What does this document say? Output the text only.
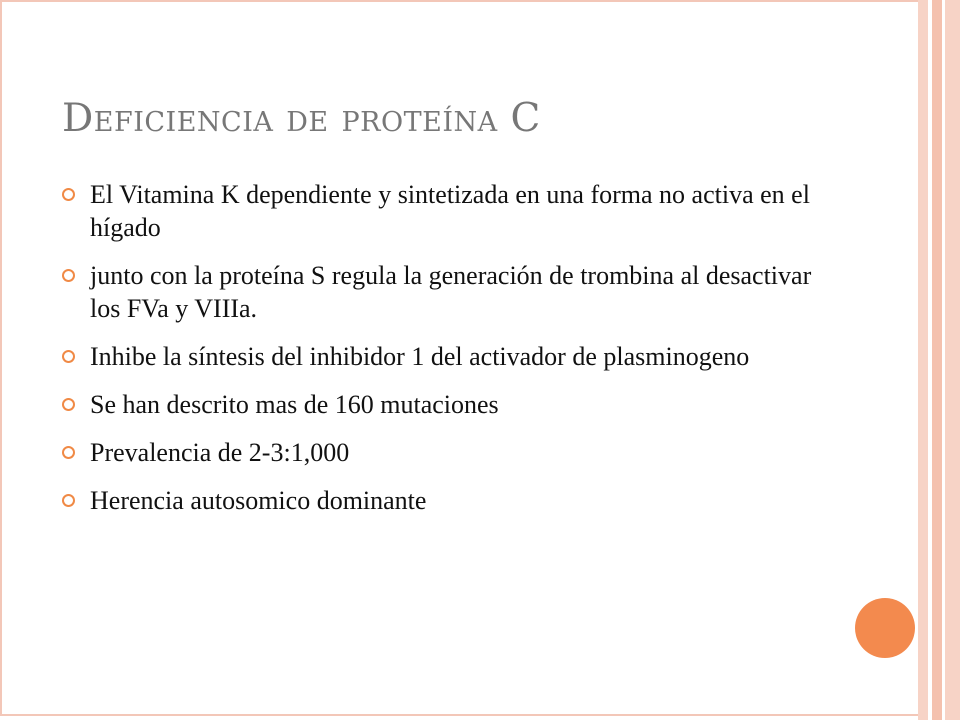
Deficiencia de proteína C
El Vitamina K dependiente y sintetizada en una forma no activa en el hígado
junto con la proteína S regula la generación de trombina al desactivar los FVa y VIIIa.
Inhibe la síntesis del inhibidor 1 del activador de plasminogeno
Se han descrito mas de 160 mutaciones
Prevalencia de 2-3:1,000
Herencia autosomico dominante
